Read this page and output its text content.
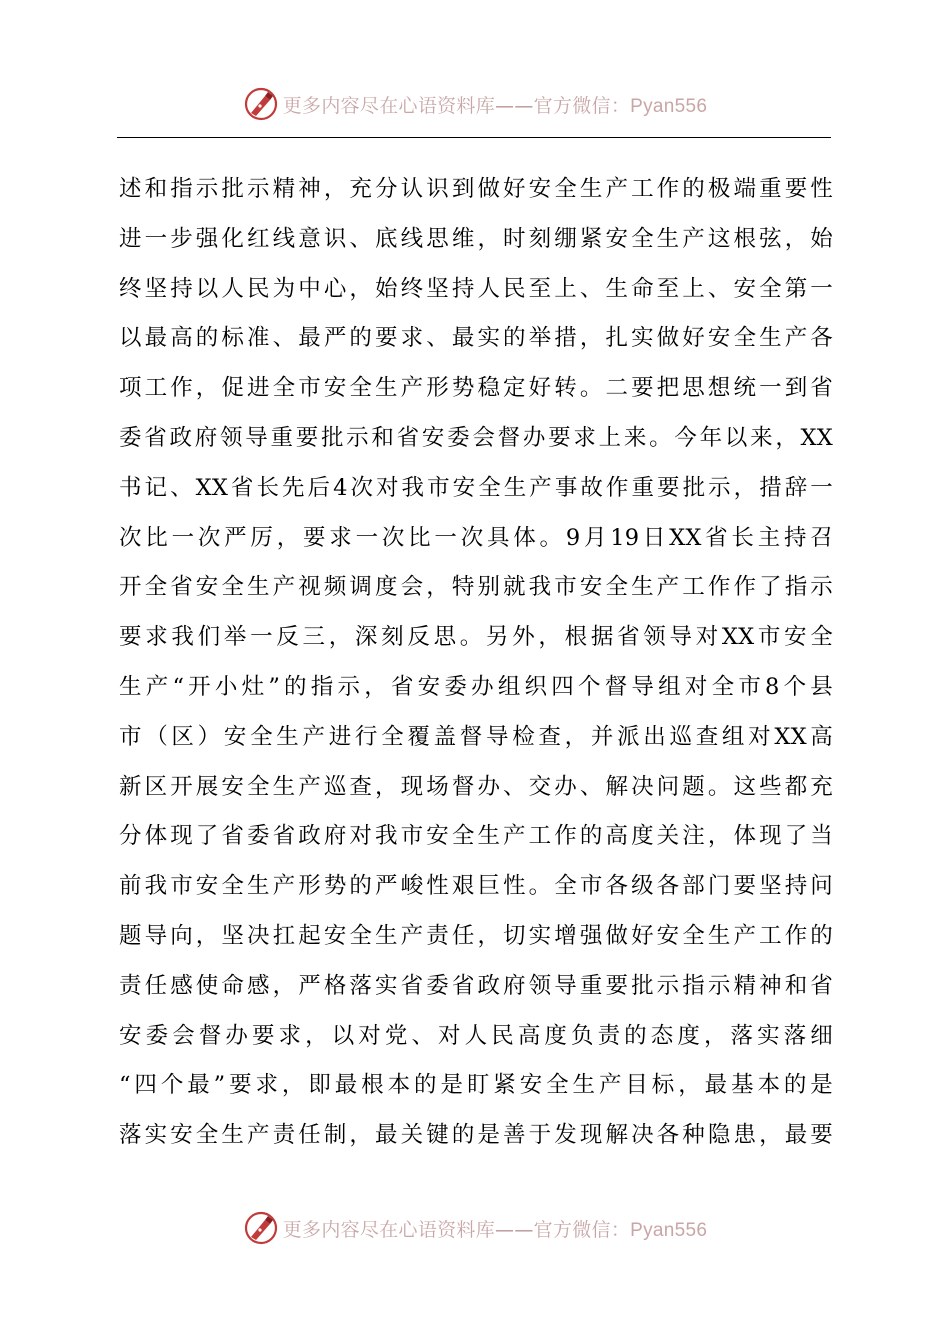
更多内容尽在心语资料库——官方微信：Pyan556
述和指示批示精神，充分认识到做好安全生产工作的极端重要性
进一步强化红线意识、底线思维，时刻绷紧安全生产这根弦，始
终坚持以人民为中心，始终坚持人民至上、生命至上、安全第一
以最高的标准、最严的要求、最实的举措，扎实做好安全生产各
项工作，促进全市安全生产形势稳定好转。二要把思想统一到省
委省政府领导重要批示和省安委会督办要求上来。今年以来，XX
书记、XX省长先后4次对我市安全生产事故作重要批示，措辞一
次比一次严厉，要求一次比一次具体。9月19日XX省长主持召
开全省安全生产视频调度会，特别就我市安全生产工作作了指示
要求我们举一反三，深刻反思。另外，根据省领导对XX市安全
生产“开小灶”的指示，省安委办组织四个督导组对全市8个县
市（区）安全生产进行全覆盖督导检查，并派出巡查组对XX高
新区开展安全生产巡查，现场督办、交办、解决问题。这些都充
分体现了省委省政府对我市安全生产工作的高度关注，体现了当
前我市安全生产形势的严峻性艰巨性。全市各级各部门要坚持问
题导向，坚决扛起安全生产责任，切实增强做好安全生产工作的
责任感使命感，严格落实省委省政府领导重要批示指示精神和省
安委会督办要求，以对党、对人民高度负责的态度，落实落细
“四个最”要求，即最根本的是盯紧安全生产目标，最基本的是
落实安全生产责任制，最关键的是善于发现解决各种隐患，最要
更多内容尽在心语资料库——官方微信：Pyan556
